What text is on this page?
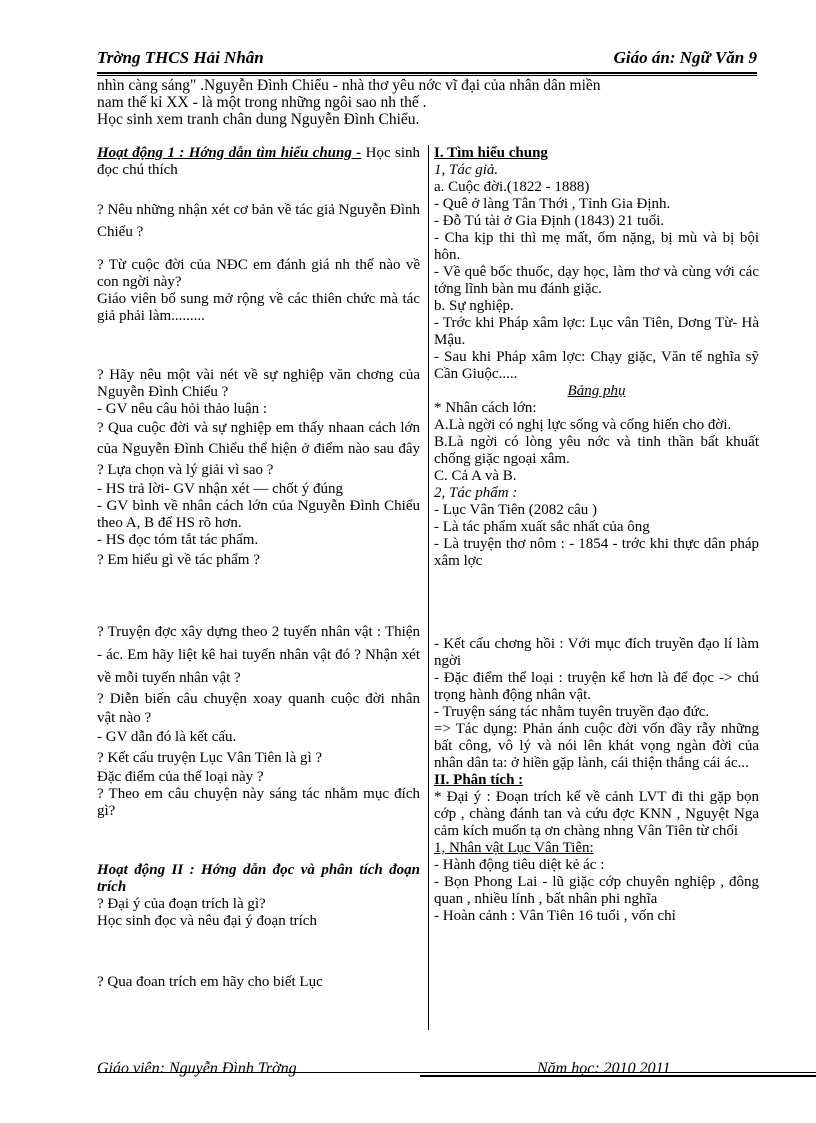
Trờng THCS Hải Nhân	Giáo án: Ngữ Văn 9
nhìn càng sáng" .Nguyễn Đình Chiểu - nhà thơ yêu nớc vĩ đại của nhân dân miền
nam thế kỉ XX - là một trong những ngôi sao nh thế .
Học sinh xem tranh chân dung Nguyễn Đình Chiểu.

Hoạt động 1 : Hớng dẫn tìm hiểu chung - Học sinh đọc chú thích

? Nêu những nhận xét cơ bản về tác giả Nguyễn Đình Chiểu ?

? Từ cuộc đời của NĐC em đánh giá nh thế nào về con ngời này?

Giáo viên bổ sung mở rộng về các thiên chức mà tác giả phải làm.........

? Hãy nêu một vài nét về sự nghiệp văn chơng của Nguyễn Đình Chiểu ?

- GV nêu câu hỏi thảo luận :

? Qua cuộc đời và sự nghiệp em thấy nhaan cách lớn của Nguyễn Đình Chiểu thể hiện ở điểm nào sau đây ? Lựa chọn và lý giải vì sao ?

- HS trả lời- GV nhận xét — chốt ý đúng

- GV bình về nhân cách lớn của Nguyễn Đình Chiểu theo A, B để HS rõ hơn.

- HS đọc tóm tắt tác phẩm.

? Em hiểu gì về tác phẩm ?

? Truyện đợc xây dựng theo 2 tuyến nhân vật : Thiện - ác. Em hãy liệt kê hai tuyến nhân vật đó ? Nhận xét về mỗi tuyến nhân vật ?

? Diễn biến câu chuyện xoay quanh cuộc đời nhân vật nào ?

- GV dẫn đó là kết cấu.

? Kết cấu truyện Lục Vân Tiên là gì ?

Đặc điểm của thể loại này ?

? Theo em câu chuyện này sáng tác nhằm mục đích gì?

Hoạt động II : Hớng dẫn đọc và phân tích đoạn trích

? Đại ý của đoạn trích là gì?

Học sinh đọc và nêu đại ý đoạn trích

? Qua đoan trích em hãy cho biết Lục

I. Tìm hiểu chung

1, Tác giả.

a. Cuộc đời.(1822 - 1888)

- Quê ở làng Tân Thới , Tỉnh Gia Định.

- Đỗ Tú tài ở Gia Định (1843) 21 tuổi.

- Cha kịp thi thì mẹ mất, ốm nặng, bị mù và bị bội hôn.

- Về quê bốc thuốc, dạy học, làm thơ và cùng với các tớng lĩnh bàn mu đánh giặc.

b. Sự nghiệp.

- Trớc khi Pháp xâm lợc: Lục vân Tiên, Dơng Từ- Hà Mậu.

- Sau khi Pháp xâm lợc: Chạy giặc, Văn tế nghĩa sỹ Cần Giuộc.....

Bảng phụ

* Nhân cách lớn:

A.Là ngời có nghị lực sống và cống hiến cho đời.

B.Là ngời có lòng yêu nớc và tinh thần bất khuất chống giặc ngoại xâm.

C. Cả A và B.

2, Tác phẩm :

- Lục Vân Tiên (2082 câu )

- Là tác phẩm xuất sắc nhất của ông

- Là truyện thơ nôm : - 1854 - trớc khi thực dân pháp xâm lợc

- Kết cấu chơng hồi : Với mục đích truyền đạo lí làm ngời

- Đặc điểm thể loại : truyện kể hơn là để đọc -> chú trọng hành động nhân vật.

- Truyện sáng tác nhằm tuyên truyền đạo đức.

=> Tác dụng: Phản ánh cuộc đời vốn đầy rẫy những bất công, vô lý và nói lên khát vọng ngàn đời của nhân dân ta: ở hiền gặp lành, cái thiện thắng cái ác...

II. Phân tích :

* Đại ý : Đoạn trích kể về cảnh LVT đi thi gặp bọn cớp , chàng đánh tan và cứu đợc KNN , Nguyệt Nga cảm kích muốn tạ ơn chàng nhng Vân Tiên từ chối

1, Nhân vật Lục Vân Tiên:

- Hành động tiêu diệt kẻ ác :

- Bọn Phong Lai - lũ giặc cớp chuyên nghiệp , đông quan , nhiều lính , bất nhân phi nghĩa

- Hoàn cảnh : Vân Tiên 16 tuổi , vốn chỉ

Giáo viên: Nguyễn Đình Trờng	Năm học: 2010 2011
